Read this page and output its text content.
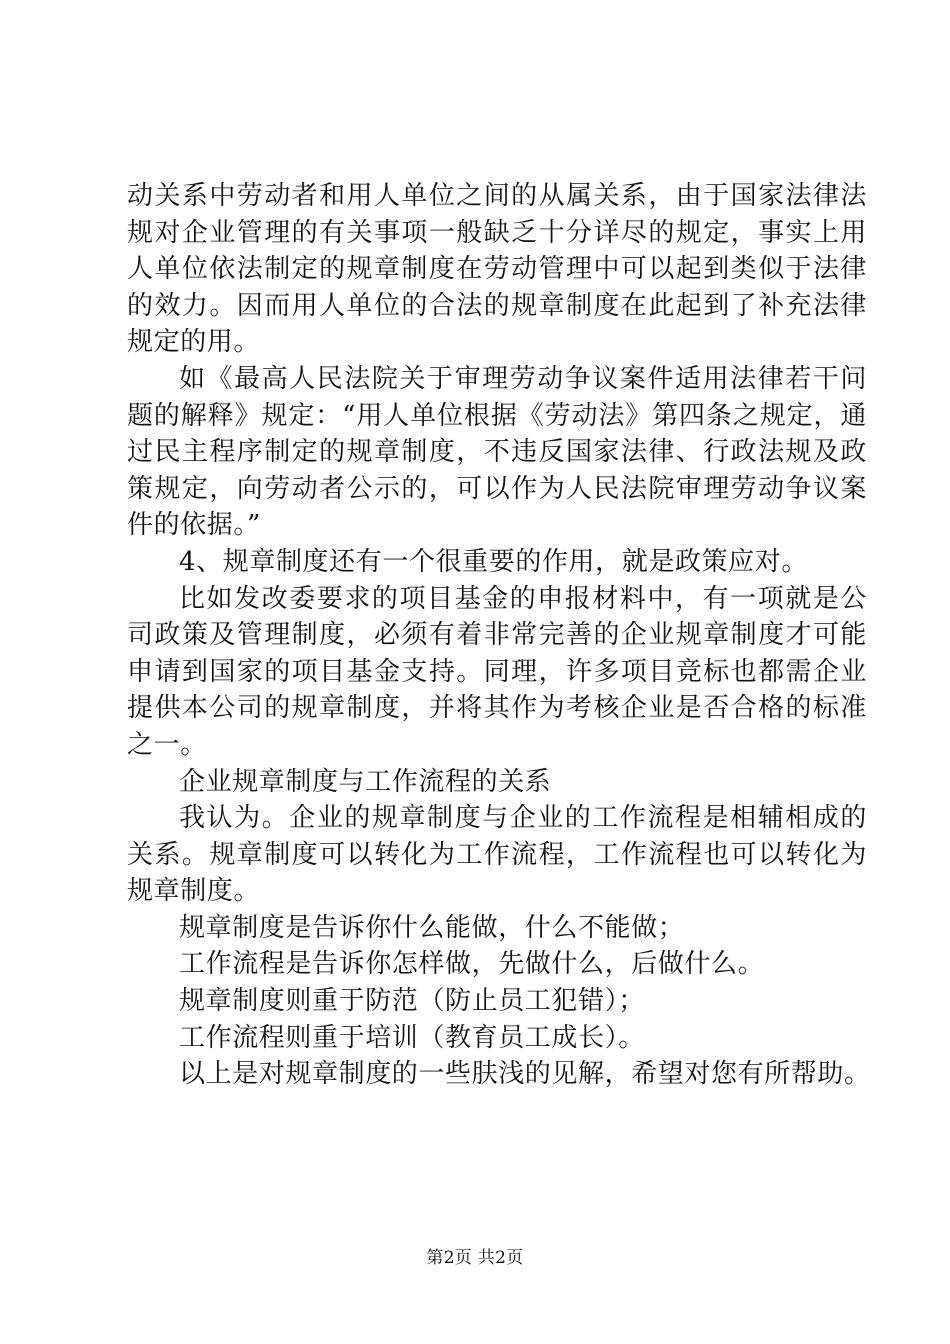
动关系中劳动者和用人单位之间的从属关系，由于国家法律法规对企业管理的有关事项一般缺乏十分详尽的规定，事实上用人单位依法制定的规章制度在劳动管理中可以起到类似于法律的效力。因而用人单位的合法的规章制度在此起到了补充法律规定的用。

如《最高人民法院关于审理劳动争议案件适用法律若干问题的解释》规定：“用人单位根据《劳动法》第四条之规定，通过民主程序制定的规章制度，不违反国家法律、行政法规及政策规定，向劳动者公示的，可以作为人民法院审理劳动争议案件的依据。”

4、规章制度还有一个很重要的作用，就是政策应对。

比如发改委要求的项目基金的申报材料中，有一项就是公司政策及管理制度，必须有着非常完善的企业规章制度才可能申请到国家的项目基金支持。同理，许多项目竞标也都需企业提供本公司的规章制度，并将其作为考核企业是否合格的标准之一。

企业规章制度与工作流程的关系

我认为。企业的规章制度与企业的工作流程是相辅相成的关系。规章制度可以转化为工作流程，工作流程也可以转化为规章制度。

规章制度是告诉你什么能做，什么不能做；

工作流程是告诉你怎样做，先做什么，后做什么。

规章制度则重于防范（防止员工犯错）；

工作流程则重于培训（教育员工成长）。

以上是对规章制度的一些肤浅的见解，希望对您有所帮助。

第2页 共2页
